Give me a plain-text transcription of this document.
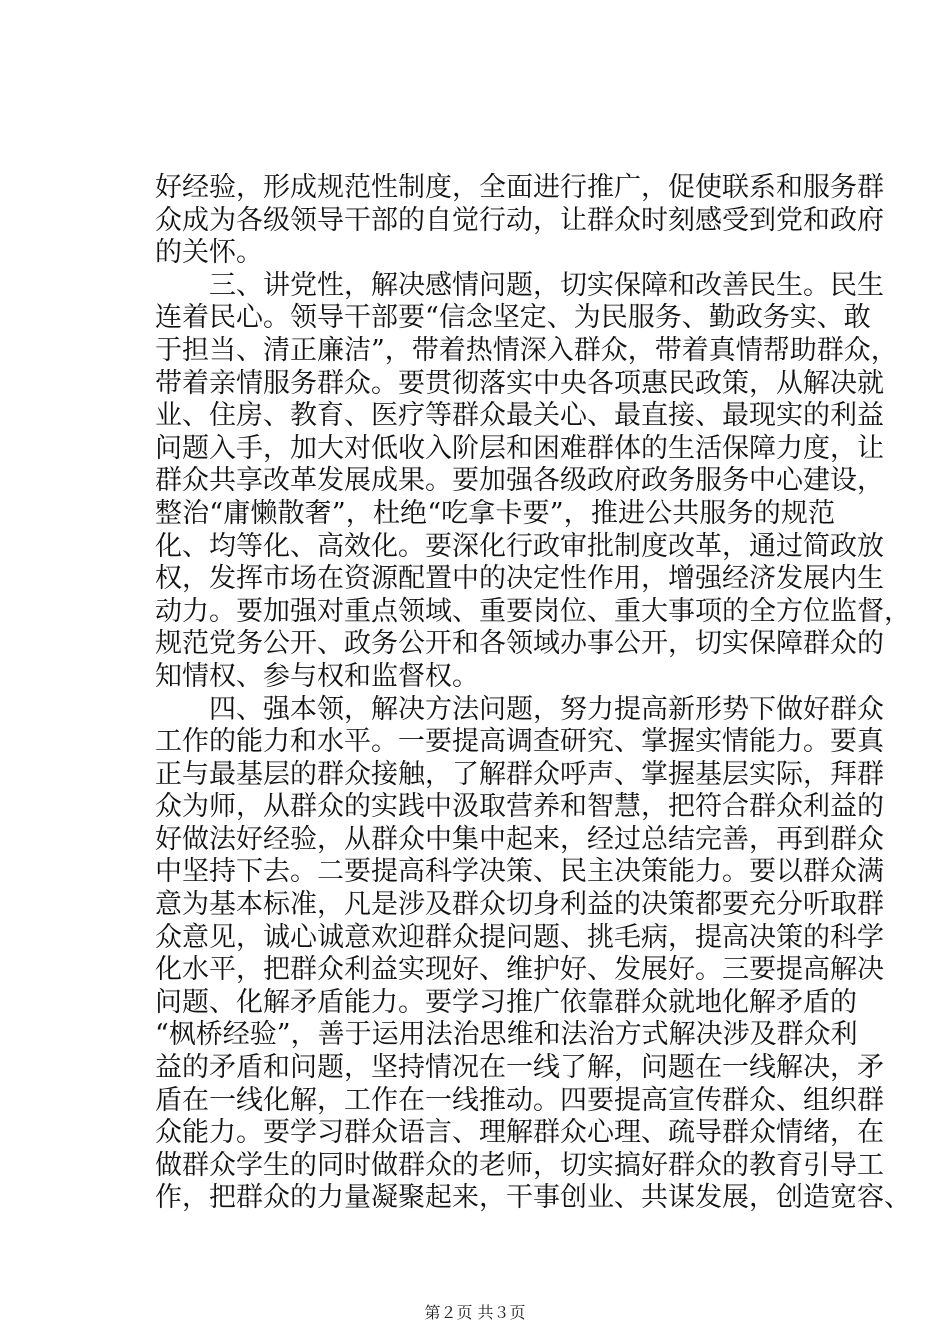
好经验，形成规范性制度，全面进行推广，促使联系和服务群
众成为各级领导干部的自觉行动，让群众时刻感受到党和政府
的关怀。
三、讲党性，解决感情问题，切实保障和改善民生。民生
连着民心。领导干部要“信念坚定、为民服务、勤政务实、敢
于担当、清正廉洁”，带着热情深入群众，带着真情帮助群众，
带着亲情服务群众。要贯彻落实中央各项惠民政策，从解决就
业、住房、教育、医疗等群众最关心、最直接、最现实的利益
问题入手，加大对低收入阶层和困难群体的生活保障力度，让
群众共享改革发展成果。要加强各级政府政务服务中心建设，
整治“庸懒散奢”，杜绝“吃拿卡要”，推进公共服务的规范
化、均等化、高效化。要深化行政审批制度改革，通过简政放
权，发挥市场在资源配置中的决定性作用，增强经济发展内生
动力。要加强对重点领域、重要岗位、重大事项的全方位监督，
规范党务公开、政务公开和各领域办事公开，切实保障群众的
知情权、参与权和监督权。
四、强本领，解决方法问题，努力提高新形势下做好群众
工作的能力和水平。一要提高调查研究、掌握实情能力。要真
正与最基层的群众接触，了解群众呼声、掌握基层实际，拜群
众为师，从群众的实践中汲取营养和智慧，把符合群众利益的
好做法好经验，从群众中集中起来，经过总结完善，再到群众
中坚持下去。二要提高科学决策、民主决策能力。要以群众满
意为基本标准，凡是涉及群众切身利益的决策都要充分听取群
众意见，诚心诚意欢迎群众提问题、挑毛病，提高决策的科学
化水平，把群众利益实现好、维护好、发展好。三要提高解决
问题、化解矛盾能力。要学习推广依靠群众就地化解矛盾的
“枫桥经验”，善于运用法治思维和法治方式解决涉及群众利
益的矛盾和问题，坚持情况在一线了解，问题在一线解决，矛
盾在一线化解，工作在一线推动。四要提高宣传群众、组织群
众能力。要学习群众语言、理解群众心理、疏导群众情绪，在
做群众学生的同时做群众的老师，切实搞好群众的教育引导工
作，把群众的力量凝聚起来，干事创业、共谋发展，创造宽容、
第２页 共３页
